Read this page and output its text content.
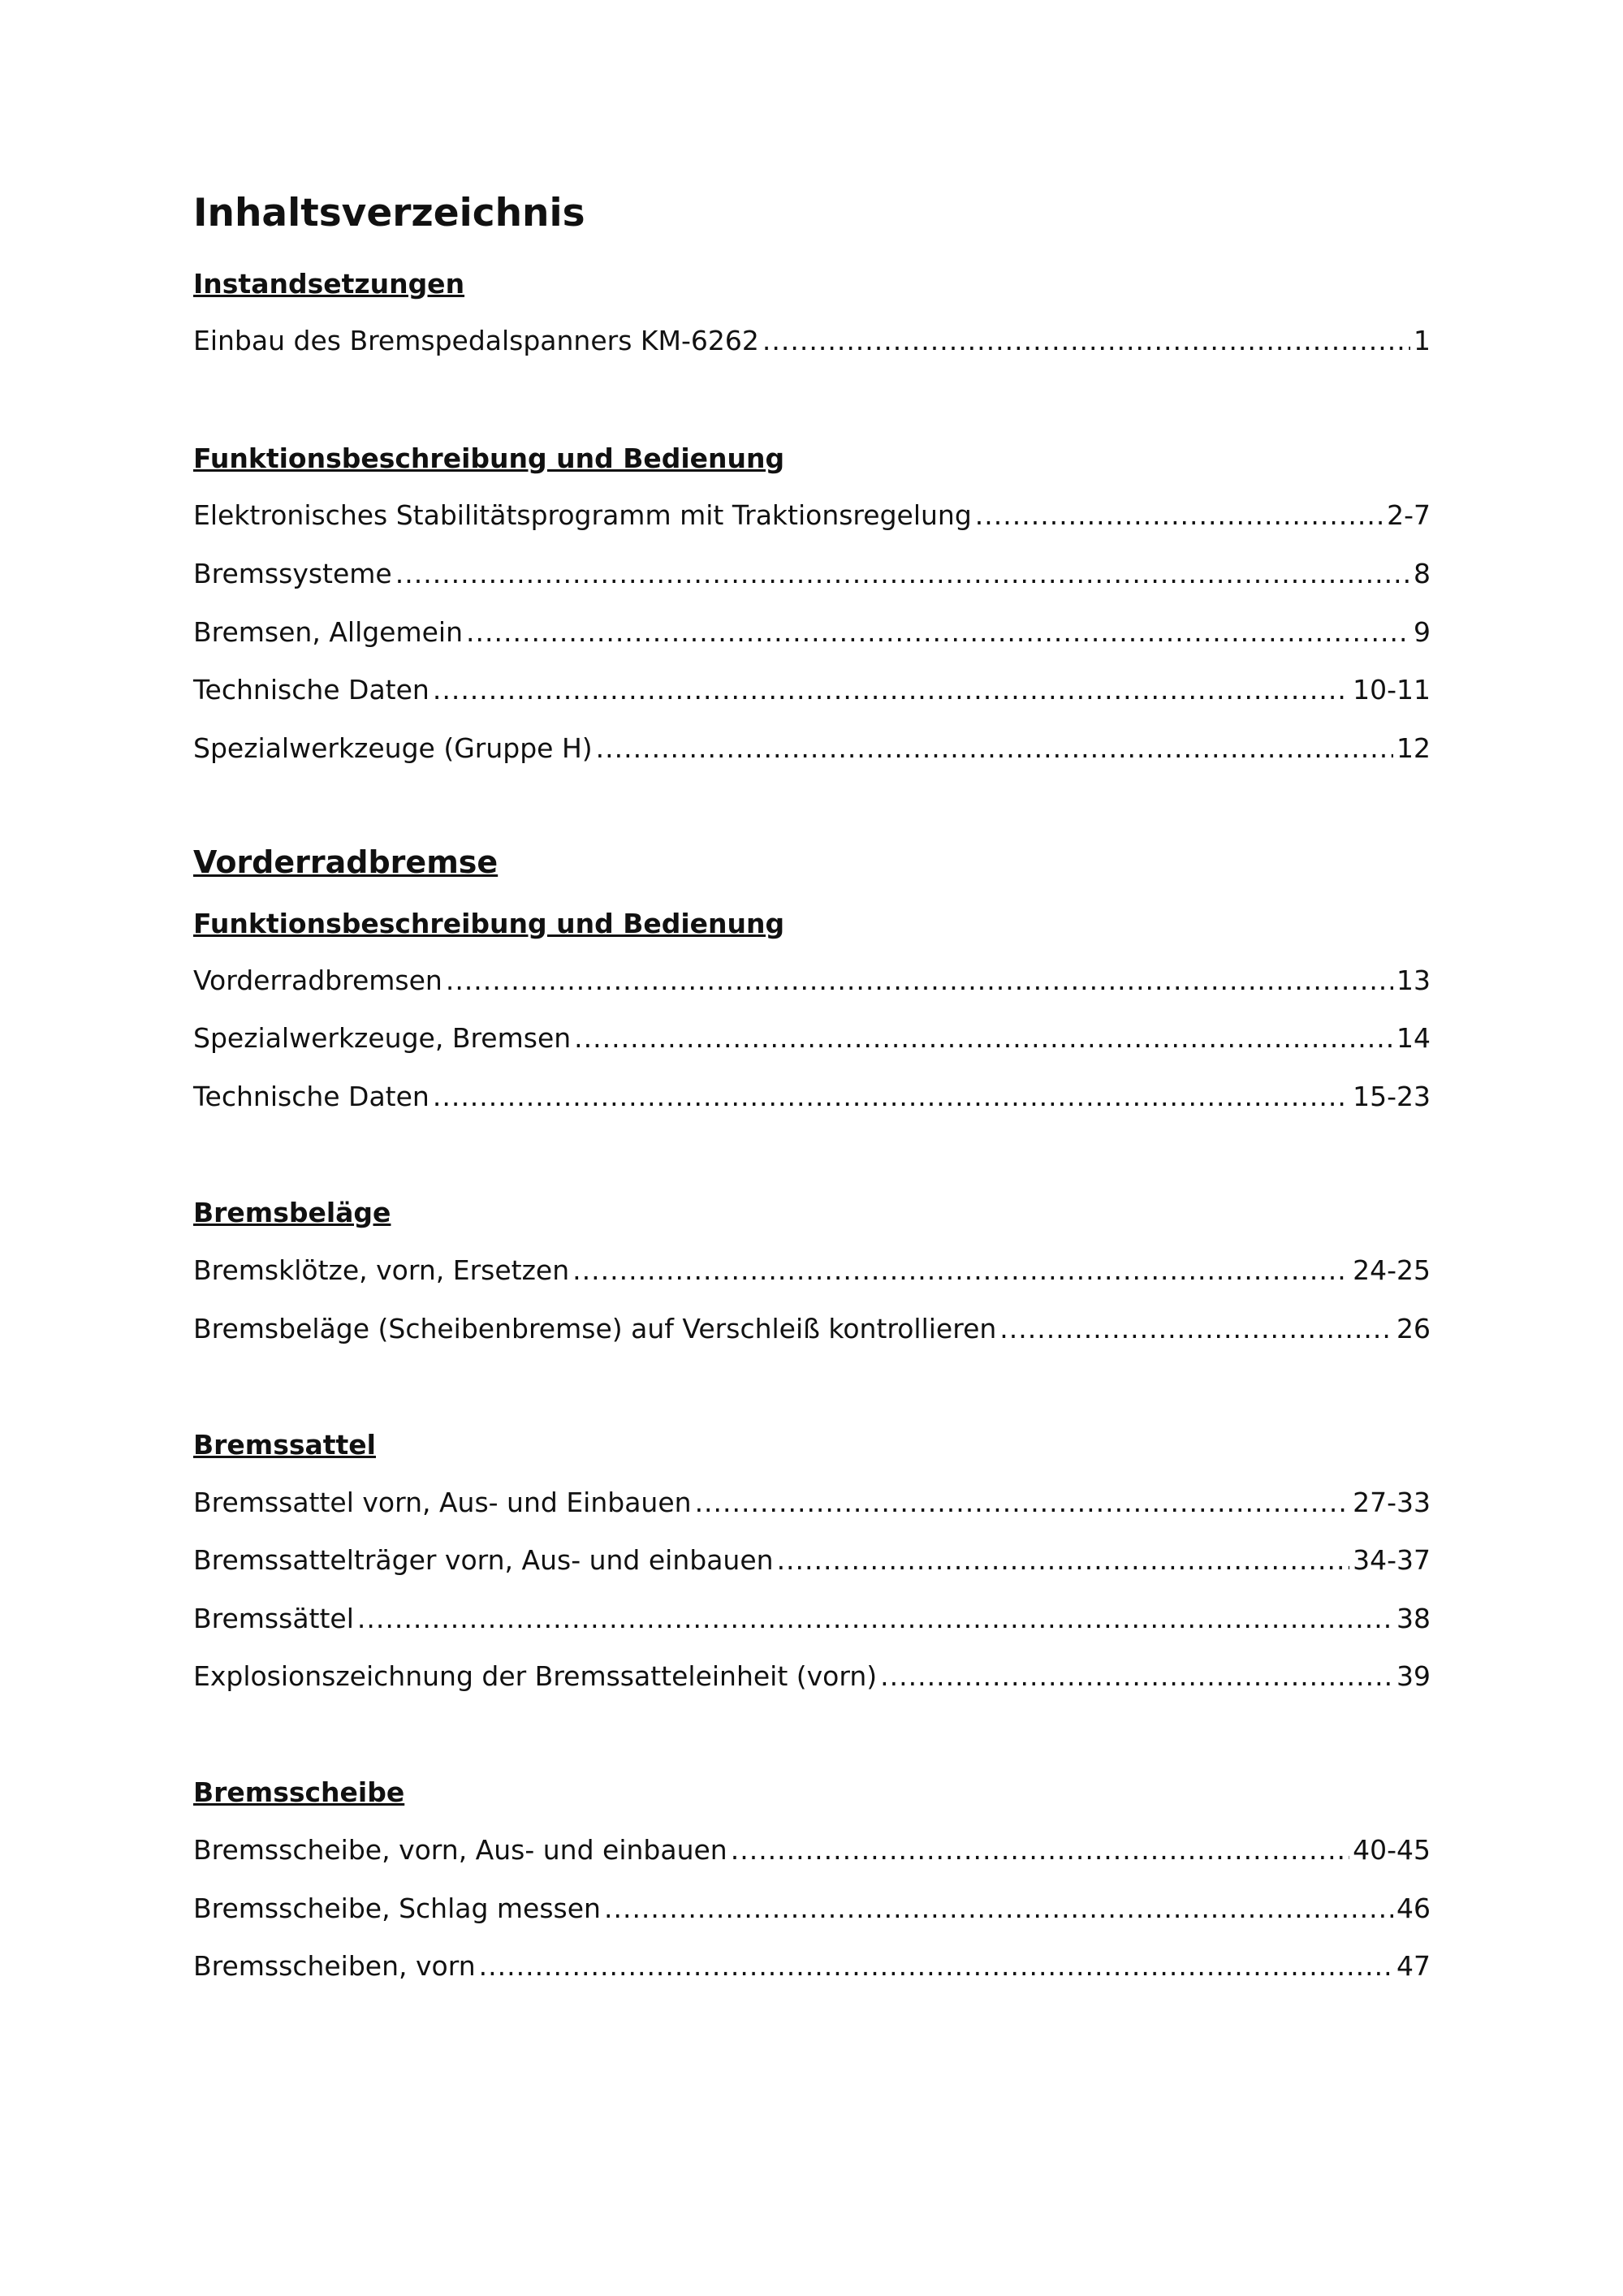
Inhaltsverzeichnis
Instandsetzungen
Einbau des Bremspedalspanners KM-6262 .....	1
Funktionsbeschreibung und Bedienung
Elektronisches Stabilitätsprogramm mit Traktionsregelung .....	2-7
Bremssysteme .....	8
Bremsen, Allgemein .....	9
Technische Daten .....	10-11
Spezialwerkzeuge (Gruppe H) .....	12
Vorderradbremse
Funktionsbeschreibung und Bedienung
Vorderradbremsen .....	13
Spezialwerkzeuge, Bremsen .....	14
Technische Daten .....	15-23
Bremsbeläge
Bremsklötze, vorn, Ersetzen .....	24-25
Bremsbeläge (Scheibenbremse) auf Verschleiß kontrollieren .....	26
Bremssattel
Bremssattel vorn, Aus- und Einbauen .....	27-33
Bremssattelträger vorn, Aus- und einbauen .....	34-37
Bremssättel .....	38
Explosionszeichnung der Bremssatteleinheit (vorn) .....	39
Bremsscheibe
Bremsscheibe, vorn, Aus- und einbauen .....	40-45
Bremsscheibe, Schlag messen .....	46
Bremsscheiben, vorn .....	47
